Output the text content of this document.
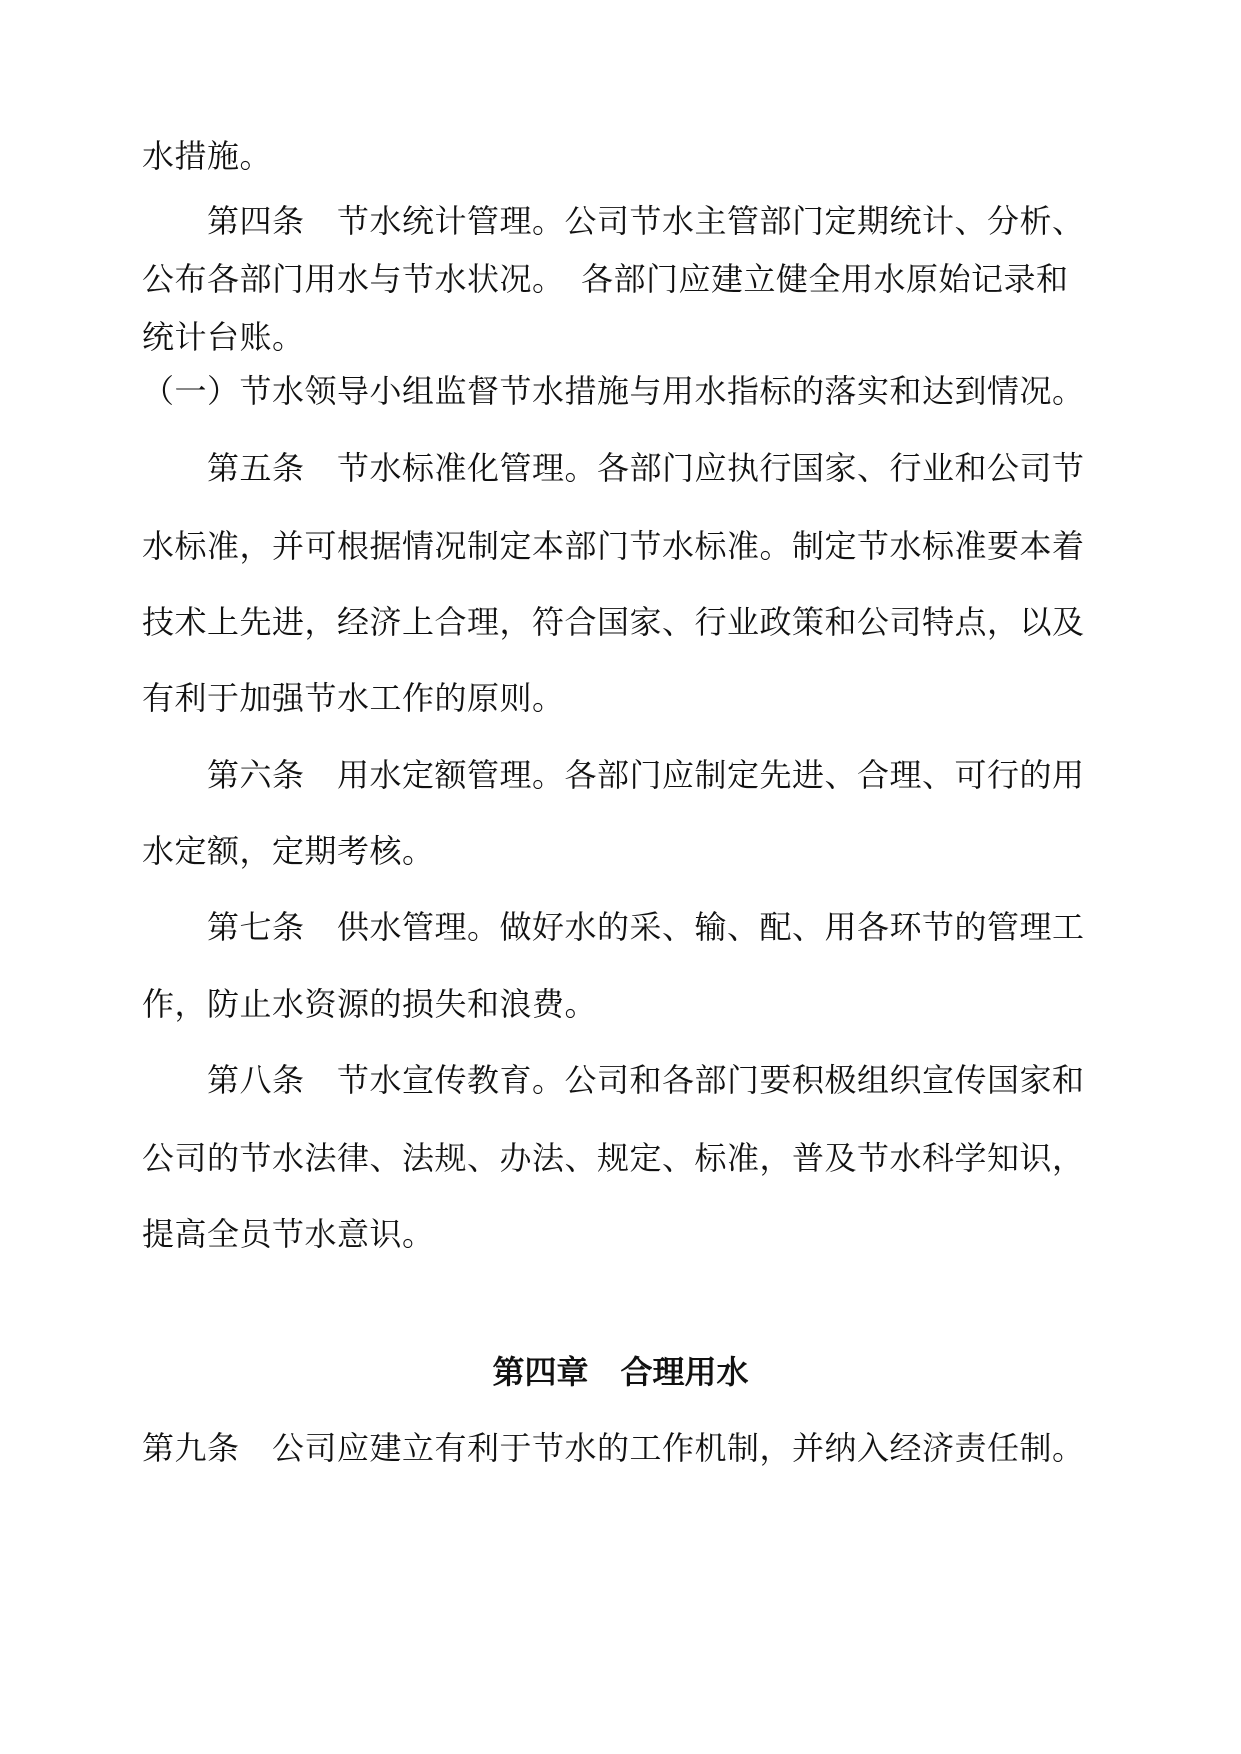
水措施。
　　第四条　节水统计管理。公司节水主管部门定期统计、分析、
公布各部门用水与节水状况。　各部门应建立健全用水原始记录和
统计台账。
（一）节水领导小组监督节水措施与用水指标的落实和达到情况。
　　第五条　节水标准化管理。各部门应执行国家、行业和公司节
水标准，并可根据情况制定本部门节水标准。制定节水标准要本着
技术上先进，经济上合理，符合国家、行业政策和公司特点，以及
有利于加强节水工作的原则。
　　第六条　用水定额管理。各部门应制定先进、合理、可行的用
水定额，定期考核。
　　第七条　供水管理。做好水的采、输、配、用各环节的管理工
作，防止水资源的损失和浪费。
　　第八条　节水宣传教育。公司和各部门要积极组织宣传国家和
公司的节水法律、法规、办法、规定、标准，普及节水科学知识，
提高全员节水意识。
第四章　合理用水
第九条　公司应建立有利于节水的工作机制，并纳入经济责任制。
